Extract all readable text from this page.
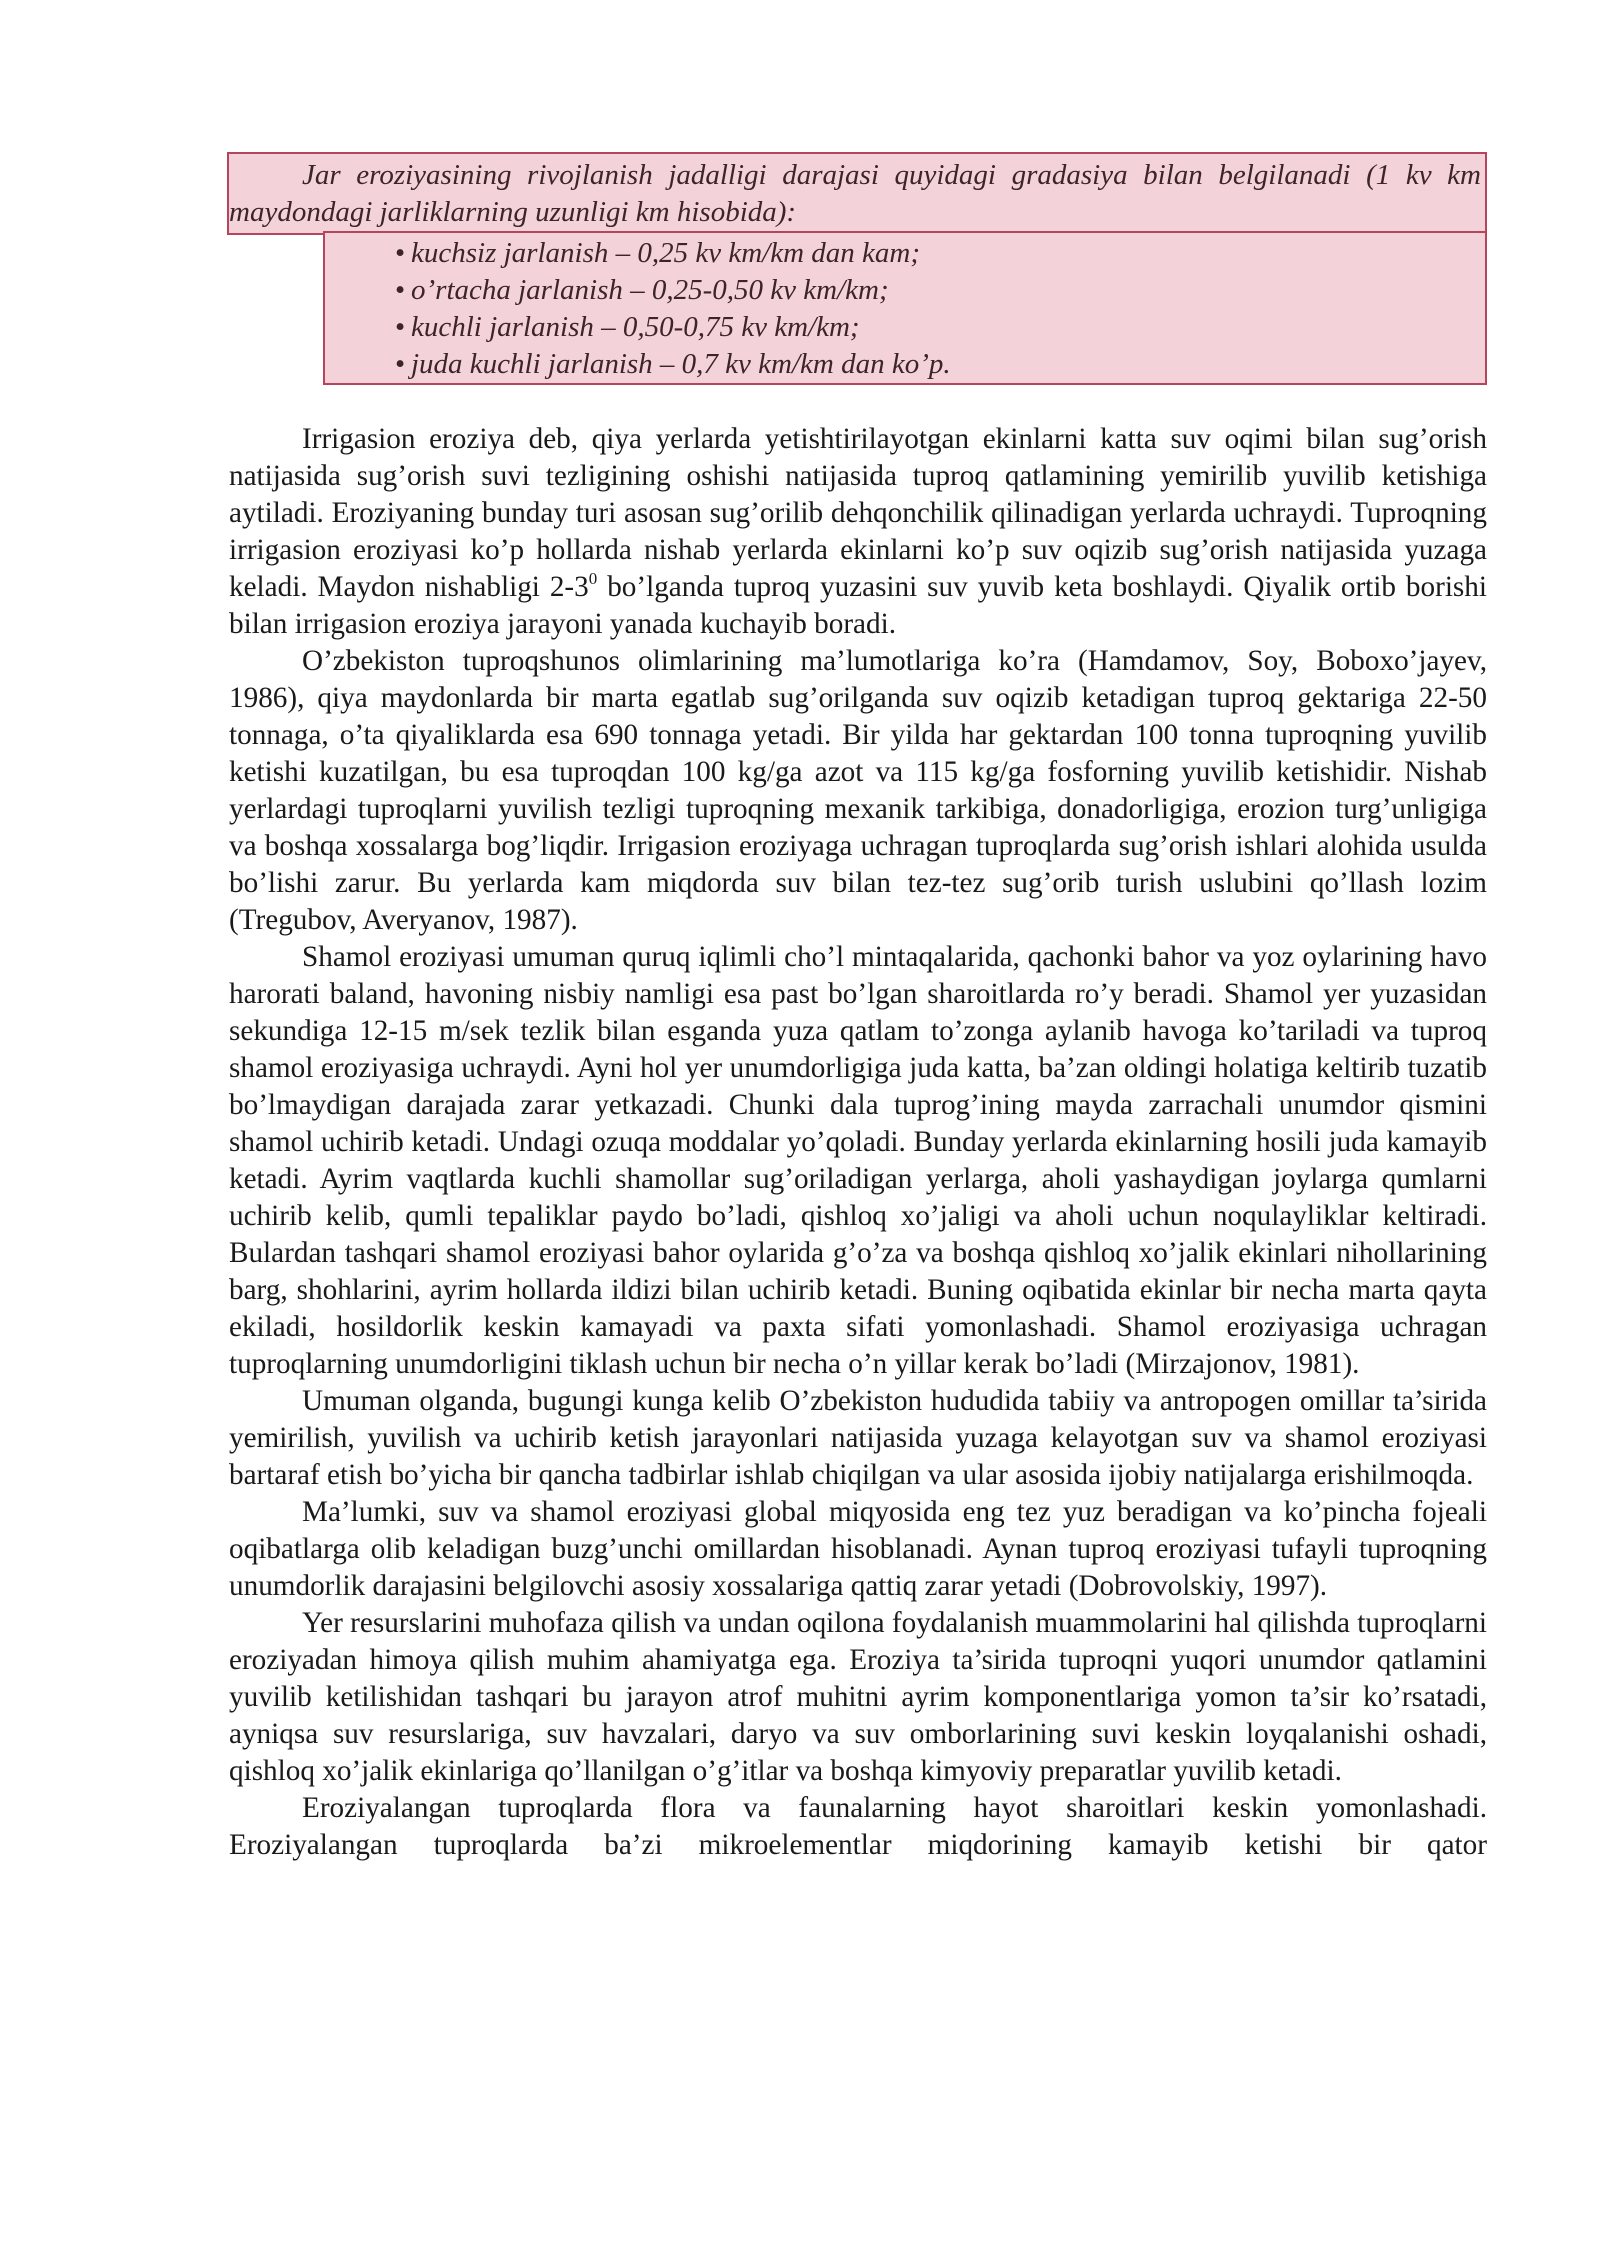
Jar eroziyasining rivojlanish jadalligi darajasi quyidagi gradasiya bilan belgilanadi (1 kv km maydondagi jarliklarning uzunligi km hisobida):
• kuchsiz jarlanish – 0,25 kv km/km dan kam;
• o’rtacha jarlanish – 0,25-0,50 kv km/km;
• kuchli jarlanish – 0,50-0,75 kv km/km;
• juda kuchli jarlanish – 0,7 kv km/km dan ko’p.

Irrigasion eroziya deb, qiya yerlarda yetishtirilayotgan ekinlarni katta suv oqimi bilan sug’orish natijasida sug’orish suvi tezligining oshishi natijasida tuproq qatlamining yemirilib yuvilib ketishiga aytiladi. Eroziyaning bunday turi asosan sug’orilib dehqonchilik qilinadigan yerlarda uchraydi. Tuproqning irrigasion eroziyasi ko’p hollarda nishab yerlarda ekinlarni ko’p suv oqizib sug’orish natijasida yuzaga keladi. Maydon nishabligi $2-3^0$ bo’lganda tuproq yuzasini suv yuvib keta boshlaydi. Qiyalik ortib borishi bilan irrigasion eroziya jarayoni yanada kuchayib boradi.

O’zbekiston tuproqshunos olimlarining ma’lumotlariga ko’ra (Hamdamov, Soy, Boboxo’jayev, 1986), qiya maydonlarda bir marta egatlab sug’orilganda suv oqizib ketadigan tuproq gektariga 22-50 tonnaga, o’ta qiyaliklarda esa 690 tonnaga yetadi. Bir yilda har gektardan 100 tonna tuproqning yuvilib ketishi kuzatilgan, bu esa tuproqdan 100 kg/ga azot va 115 kg/ga fosforning yuvilib ketishidir. Nishab yerlardagi tuproqlarni yuvilish tezligi tuproqning mexanik tarkibiga, donadorligiga, erozion turg’unligiga va boshqa xossalarga bog’liqdir. Irrigasion eroziyaga uchragan tuproqlarda sug’orish ishlari alohida usulda bo’lishi zarur. Bu yerlarda kam miqdorda suv bilan tez-tez sug’orib turish uslubini qo’llash lozim (Tregubov, Averyanov, 1987).

Shamol eroziyasi umuman quruq iqlimli cho’l mintaqalarida, qachonki bahor va yoz oylarining havo harorati baland, havoning nisbiy namligi esa past bo’lgan sharoitlarda ro’y beradi. Shamol yer yuzasidan sekundiga 12-15 m/sek tezlik bilan esganda yuza qatlam to’zonga aylanib havoga ko’tariladi va tuproq shamol eroziyasiga uchraydi. Ayni hol yer unumdorligiga juda katta, ba’zan oldingi holatiga keltirib tuzatib bo’lmaydigan darajada zarar yetkazadi. Chunki dala tuprog’ining mayda zarrachali unumdor qismini shamol uchirib ketadi. Undagi ozuqa moddalar yo’qoladi. Bunday yerlarda ekinlarning hosili juda kamayib ketadi. Ayrim vaqtlarda kuchli shamollar sug’oriladigan yerlarga, aholi yashaydigan joylarga qumlarni uchirib kelib, qumli tepaliklar paydo bo’ladi, qishloq xo’jaligi va aholi uchun noqulayliklar keltiradi. Bulardan tashqari shamol eroziyasi bahor oylarida g’o’za va boshqa qishloq xo’jalik ekinlari nihollarining barg, shohlarini, ayrim hollarda ildizi bilan uchirib ketadi. Buning oqibatida ekinlar bir necha marta qayta ekiladi, hosildorlik keskin kamayadi va paxta sifati yomonlashadi. Shamol eroziyasiga uchragan tuproqlarning unumdorligini tiklash uchun bir necha o’n yillar kerak bo’ladi (Mirzajonov, 1981).

Umuman olganda, bugungi kunga kelib O’zbekiston hududida tabiiy va antropogen omillar ta’sirida yemirilish, yuvilish va uchirib ketish jarayonlari natijasida yuzaga kelayotgan suv va shamol eroziyasi bartaraf etish bo’yicha bir qancha tadbirlar ishlab chiqilgan va ular asosida ijobiy natijalarga erishilmoqda.

Ma’lumki, suv va shamol eroziyasi global miqyosida eng tez yuz beradigan va ko’pincha fojeali oqibatlarga olib keladigan buzg’unchi omillardan hisoblanadi. Aynan tuproq eroziyasi tufayli tuproqning unumdorlik darajasini belgilovchi asosiy xossalariga qattiq zarar yetadi (Dobrovolskiy, 1997).

Yer resurslarini muhofaza qilish va undan oqilona foydalanish muammolarini hal qilishda tuproqlarni eroziyadan himoya qilish muhim ahamiyatga ega. Eroziya ta’sirida tuproqni yuqori unumdor qatlamini yuvilib ketilishidan tashqari bu jarayon atrof muhitni ayrim komponentlariga yomon ta’sir ko’rsatadi, ayniqsa suv resurslariga, suv havzalari, daryo va suv omborlarining suvi keskin loyqalanishi oshadi, qishloq xo’jalik ekinlariga qo’llanilgan o’g’itlar va boshqa kimyoviy preparatlar yuvilib ketadi.

Eroziyalangan tuproqlarda flora va faunalarning hayot sharoitlari keskin yomonlashadi. Eroziyalangan tuproqlarda ba’zi mikroelementlar miqdorining kamayib ketishi bir qator
